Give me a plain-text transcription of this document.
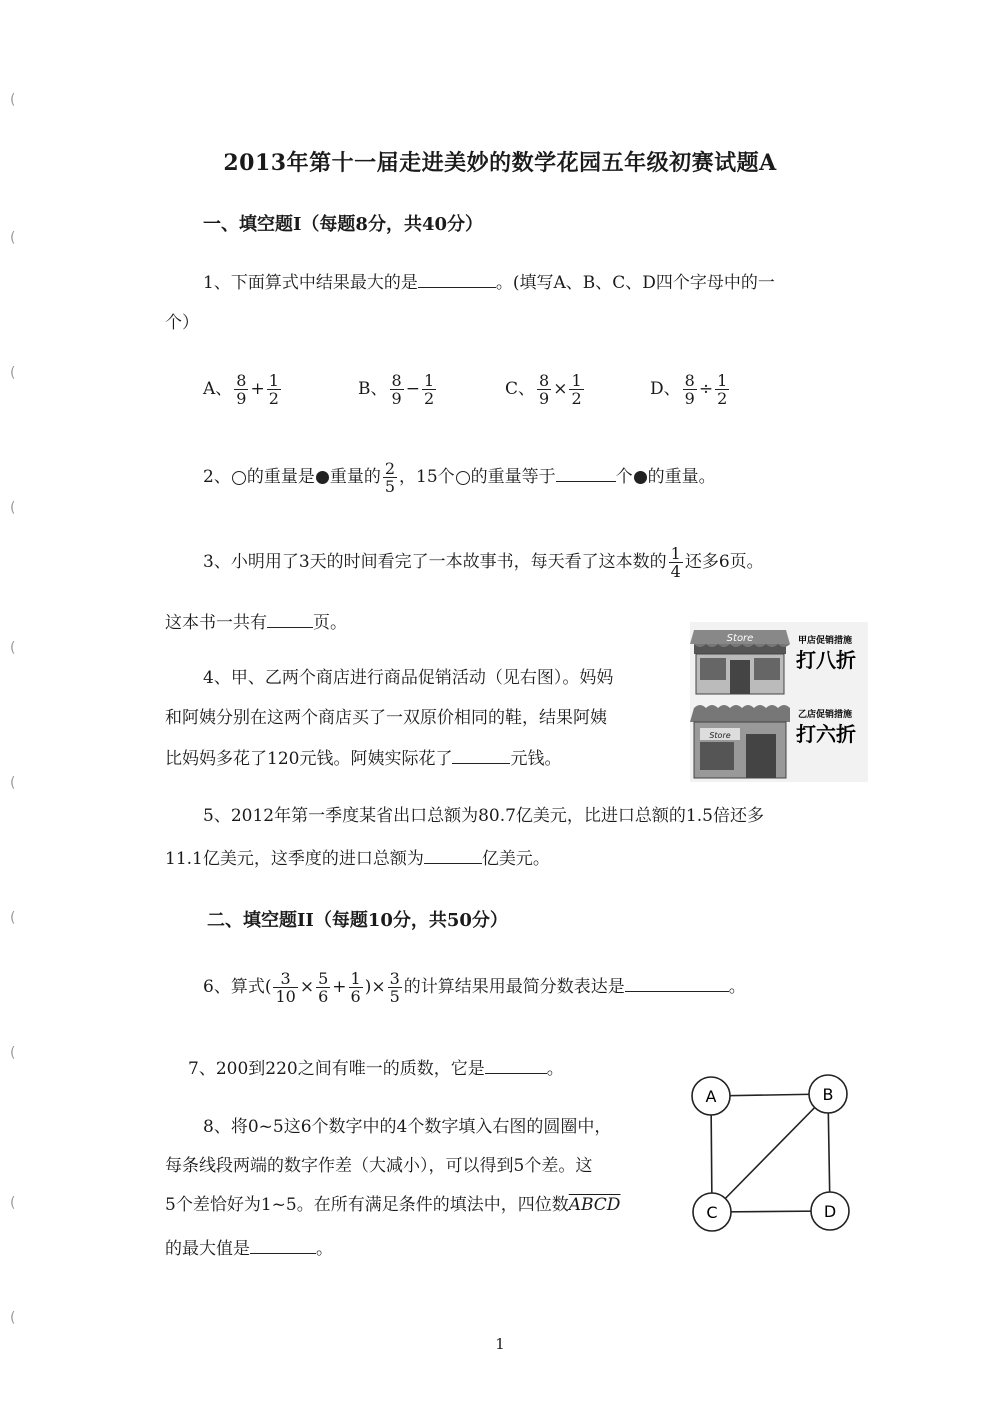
(
(
(
(
(
(
(
(
(
(
2013年第十一届走进美妙的数学花园五年级初赛试题A
一、填空题I（每题8分，共40分）
1、下面算式中结果最大的是	。(填写A、B、C、D四个字母中的一
个）
A、 $\frac{8}{9} + \frac{1}{2}$	B、 $\frac{8}{9} - \frac{1}{2}$	C、 $\frac{8}{9} \times \frac{1}{2}$	D、 $\frac{8}{9} \div \frac{1}{2}$
2、 的重量是 重量的 $\frac{2}{5}$ ，15个 的重量等于	个 的重量。
3、小明用了3天的时间看完了一本故事书，每天看了这本数的 $\frac{1}{4}$ 还多6页。
这本书一共有	页。
4、甲、乙两个商店进行商品促销活动（见右图）。妈妈
和阿姨分别在这两个商店买了一双原价相同的鞋，结果阿姨
比妈妈多花了120元钱。阿姨实际花了	元钱。
Store	甲店促销措施
打八折
Store
乙店促销措施
打六折
5、2012年第一季度某省出口总额为80.7亿美元，比进口总额的1.5倍还多
11.1亿美元，这季度的进口总额为	亿美元。
二、填空题II（每题10分，共50分）
6、算式( $\frac{3}{10} \times \frac{5}{6} + \frac{1}{6}$ )× $\frac{3}{5}$ 的计算结果用最简分数表达是	。
7、200到220之间有唯一的质数，它是	。
8、将0~5这6个数字中的4个数字填入右图的圆圈中，
每条线段两端的数字作差（大减小），可以得到5个差。这
5个差恰好为1~5。在所有满足条件的填法中，四位数ABCD
的最大值是	。
A	B
C	D
1
